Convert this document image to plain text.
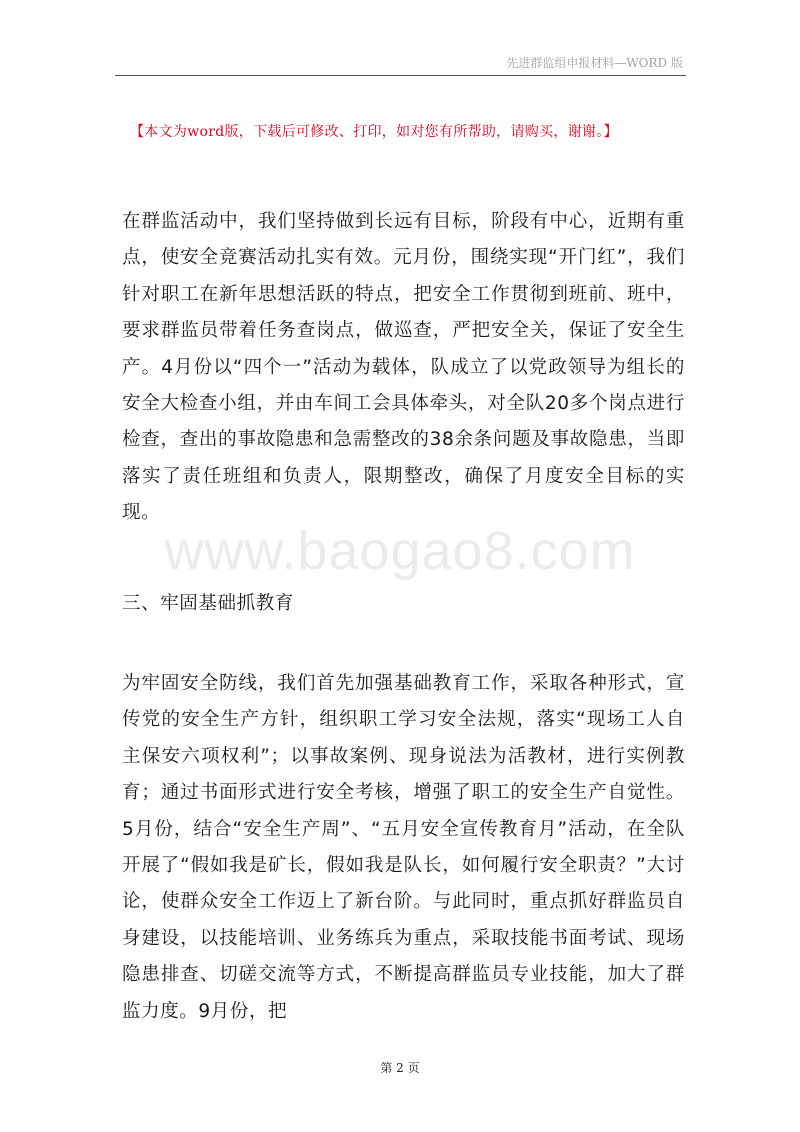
先进群监组申报材料—WORD 版
【本文为word版，下载后可修改、打印，如对您有所帮助，请购买，谢谢。】
www.baogao8.com
在群监活动中，我们坚持做到长远有目标，阶段有中心，近期有重点，使安全竞赛活动扎实有效。元月份，围绕实现“开门红”，我们针对职工在新年思想活跃的特点，把安全工作贯彻到班前、班中，要求群监员带着任务查岗点，做巡查，严把安全关，保证了安全生产。4月份以“四个一”活动为载体，队成立了以党政领导为组长的安全大检查小组，并由车间工会具体牵头，对全队20多个岗点进行检查，查出的事故隐患和急需整改的38余条问题及事故隐患，当即落实了责任班组和负责人，限期整改，确保了月度安全目标的实现。
三、牢固基础抓教育
为牢固安全防线，我们首先加强基础教育工作，采取各种形式，宣传党的安全生产方针，组织职工学习安全法规，落实“现场工人自主保安六项权利”；以事故案例、现身说法为活教材，进行实例教育；通过书面形式进行安全考核，增强了职工的安全生产自觉性。5月份，结合“安全生产周”、“五月安全宣传教育月”活动，在全队开展了“假如我是矿长，假如我是队长，如何履行安全职责？”大讨论，使群众安全工作迈上了新台阶。与此同时，重点抓好群监员自身建设，以技能培训、业务练兵为重点，采取技能书面考试、现场隐患排查、切磋交流等方式，不断提高群监员专业技能，加大了群监力度。9月份，把
第 2 页
